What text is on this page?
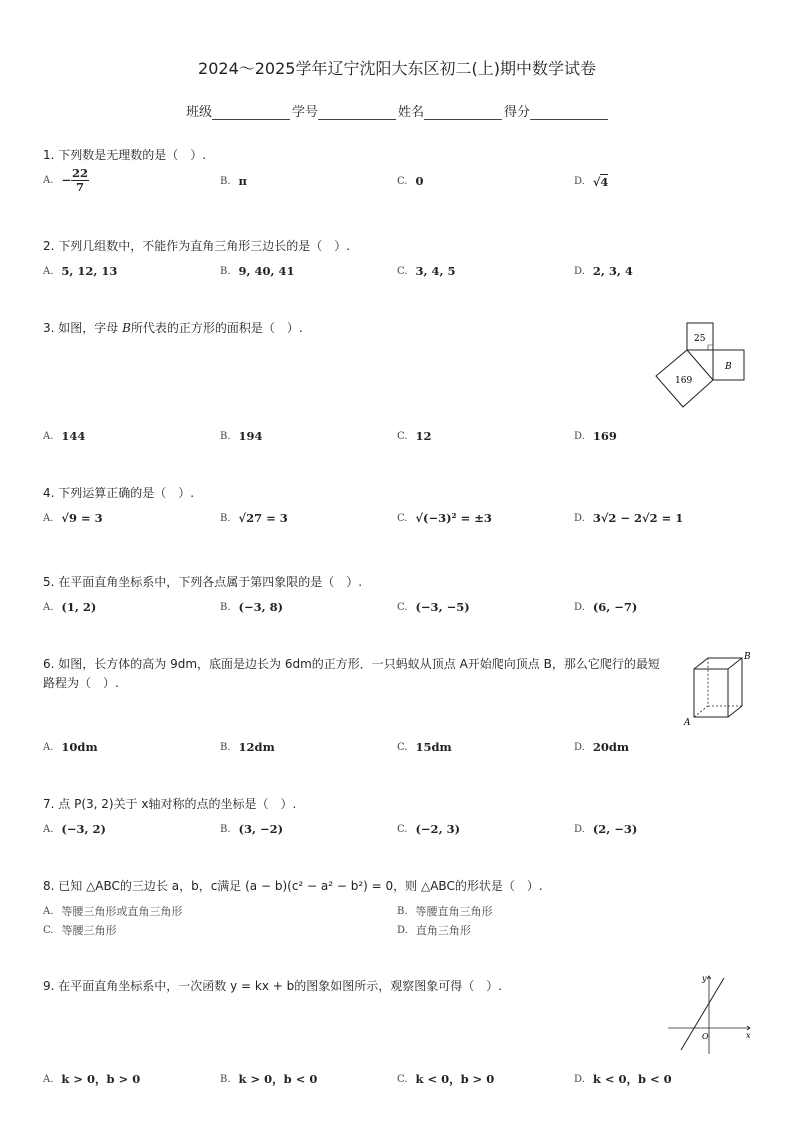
2024～2025学年辽宁沈阳大东区初二(上)期中数学试卷
班级	学号	姓名	得分
1. 下列数是无理数的是（　）.
A. − $\frac{22}{7}$	B. π	C. 0	D. √ 4
2. 下列几组数中，不能作为直角三角形三边长的是（　）.
A. 5, 12, 13	B. 9, 40, 41	C. 3, 4, 5	D. 2, 3, 4
3. 如图，字母 B所代表的正方形的面积是（　）.
25
B
169
A. 144	B. 194	C. 12	D. 169
4. 下列运算正确的是（　）.
A. √9 = 3	B. √27 = 3	C. √(−3)² = ±3	D. 3√2 − 2√2 = 1
5. 在平面直角坐标系中，下列各点属于第四象限的是（　）.
A. (1, 2)	B. (−3, 8)	C. (−3, −5)	D. (6, −7)
6. 如图，长方体的高为 9dm，底面是边长为 6dm的正方形．一只蚂蚁从顶点 A开始爬向顶点 B，那么它爬行的最短
路程为（　）.
A
B
A. 10dm	B. 12dm	C. 15dm	D. 20dm
7. 点 P(3, 2)关于 x轴对称的点的坐标是（　）.
A. (−3, 2)	B. (3, −2)	C. (−2, 3)	D. (2, −3)
8. 已知 △ABC的三边长 a，b，c满足 (a − b)(c² − a² − b²) = 0，则 △ABC的形状是（　）.
A. 等腰三角形或直角三角形	B. 等腰直角三角形
C. 等腰三角形	D. 直角三角形
9. 在平面直角坐标系中，一次函数 y = kx + b的图象如图所示，观察图象可得（　）.
y
x
O
A. k > 0，b > 0	B. k > 0，b < 0	C. k < 0，b > 0	D. k < 0，b < 0
